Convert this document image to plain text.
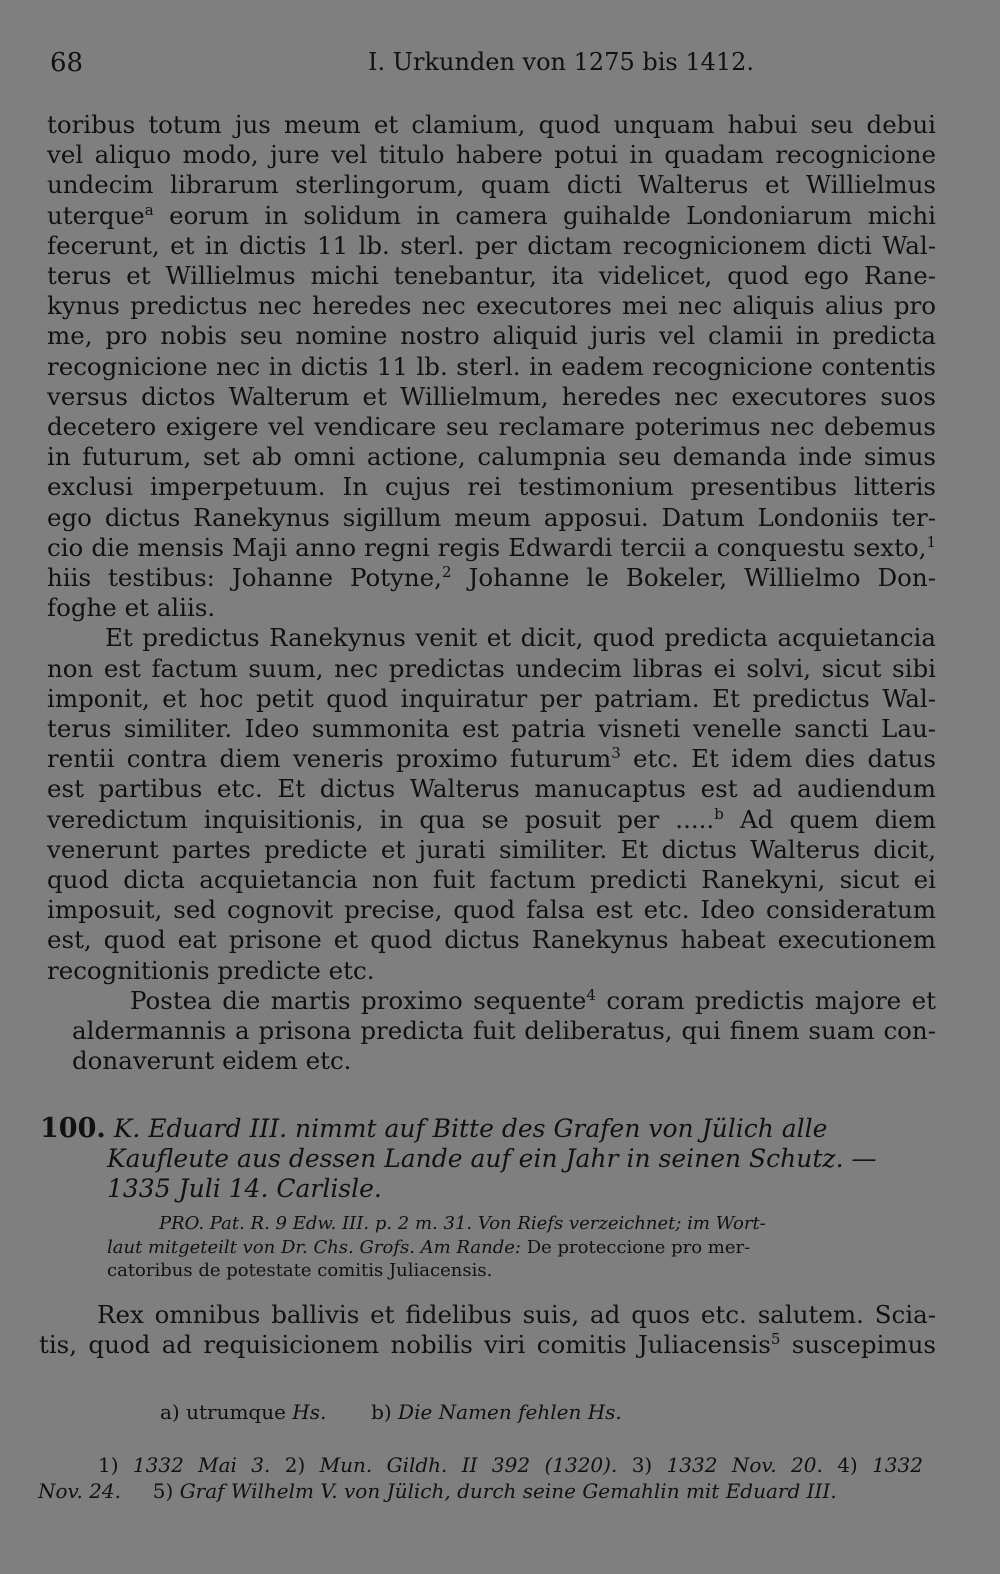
68	I. Urkunden von 1275 bis 1412.
toribus totum jus meum et clamium, quod unquam habui seu debui
vel aliquo modo, jure vel titulo habere potui in quadam recognicione
undecim librarum sterlingorum, quam dicti Walterus et Willielmus
uterque$^a$ eorum in solidum in camera guihalde Londoniarum michi
fecerunt, et in dictis 11 lb. sterl. per dictam recognicionem dicti Wal-
terus et Willielmus michi tenebantur, ita videlicet, quod ego Rane-
kynus predictus nec heredes nec executores mei nec aliquis alius pro
me, pro nobis seu nomine nostro aliquid juris vel clamii in predicta
recognicione nec in dictis 11 lb. sterl. in eadem recognicione contentis
versus dictos Walterum et Willielmum, heredes nec executores suos
decetero exigere vel vendicare seu reclamare poterimus nec debemus
in futurum, set ab omni actione, calumpnia seu demanda inde simus
exclusi imperpetuum. In cujus rei testimonium presentibus litteris
ego dictus Ranekynus sigillum meum apposui. Datum Londoniis ter-
cio die mensis Maji anno regni regis Edwardi tercii a conquestu sexto,$^1$
hiis testibus: Johanne Potyne,$^2$ Johanne le Bokeler, Willielmo Don-
foghe et aliis.
Et predictus Ranekynus venit et dicit, quod predicta acquietancia
non est factum suum, nec predictas undecim libras ei solvi, sicut sibi
imponit, et hoc petit quod inquiratur per patriam. Et predictus Wal-
terus similiter. Ideo summonita est patria visneti venelle sancti Lau-
rentii contra diem veneris proximo futurum$^3$ etc. Et idem dies datus
est partibus etc. Et dictus Walterus manucaptus est ad audiendum
veredictum inquisitionis, in qua se posuit per .....$^b$ Ad quem diem
venerunt partes predicte et jurati similiter. Et dictus Walterus dicit,
quod dicta acquietancia non fuit factum predicti Ranekyni, sicut ei
imposuit, sed cognovit precise, quod falsa est etc. Ideo consideratum
est, quod eat prisone et quod dictus Ranekynus habeat executionem
recognitionis predicte etc.
Postea die martis proximo sequente$^4$ coram predictis majore et
aldermannis a prisona predicta fuit deliberatus, qui finem suam con-
donaverunt eidem etc.
100. K. Eduard III. nimmt auf Bitte des Grafen von Jülich alle
Kaufleute aus dessen Lande auf ein Jahr in seinen Schutz. —
1335 Juli 14. Carlisle.
PRO. Pat. R. 9 Edw. III. p. 2 m. 31. Von Riefs verzeichnet; im Wort-
laut mitgeteilt von Dr. Chs. Grofs. Am Rande: De proteccione pro mer-
catoribus de potestate comitis Juliacensis.
Rex omnibus ballivis et fidelibus suis, ad quos etc. salutem. Scia-
tis, quod ad requisicionem nobilis viri comitis Juliacensis$^5$ suscepimus
a) utrumque Hs. b) Die Namen fehlen Hs.
1) 1332 Mai 3. 2) Mun. Gildh. II 392 (1320). 3) 1332 Nov. 20. 4) 1332
Nov. 24. 5) Graf Wilhelm V. von Jülich, durch seine Gemahlin mit Eduard III.
